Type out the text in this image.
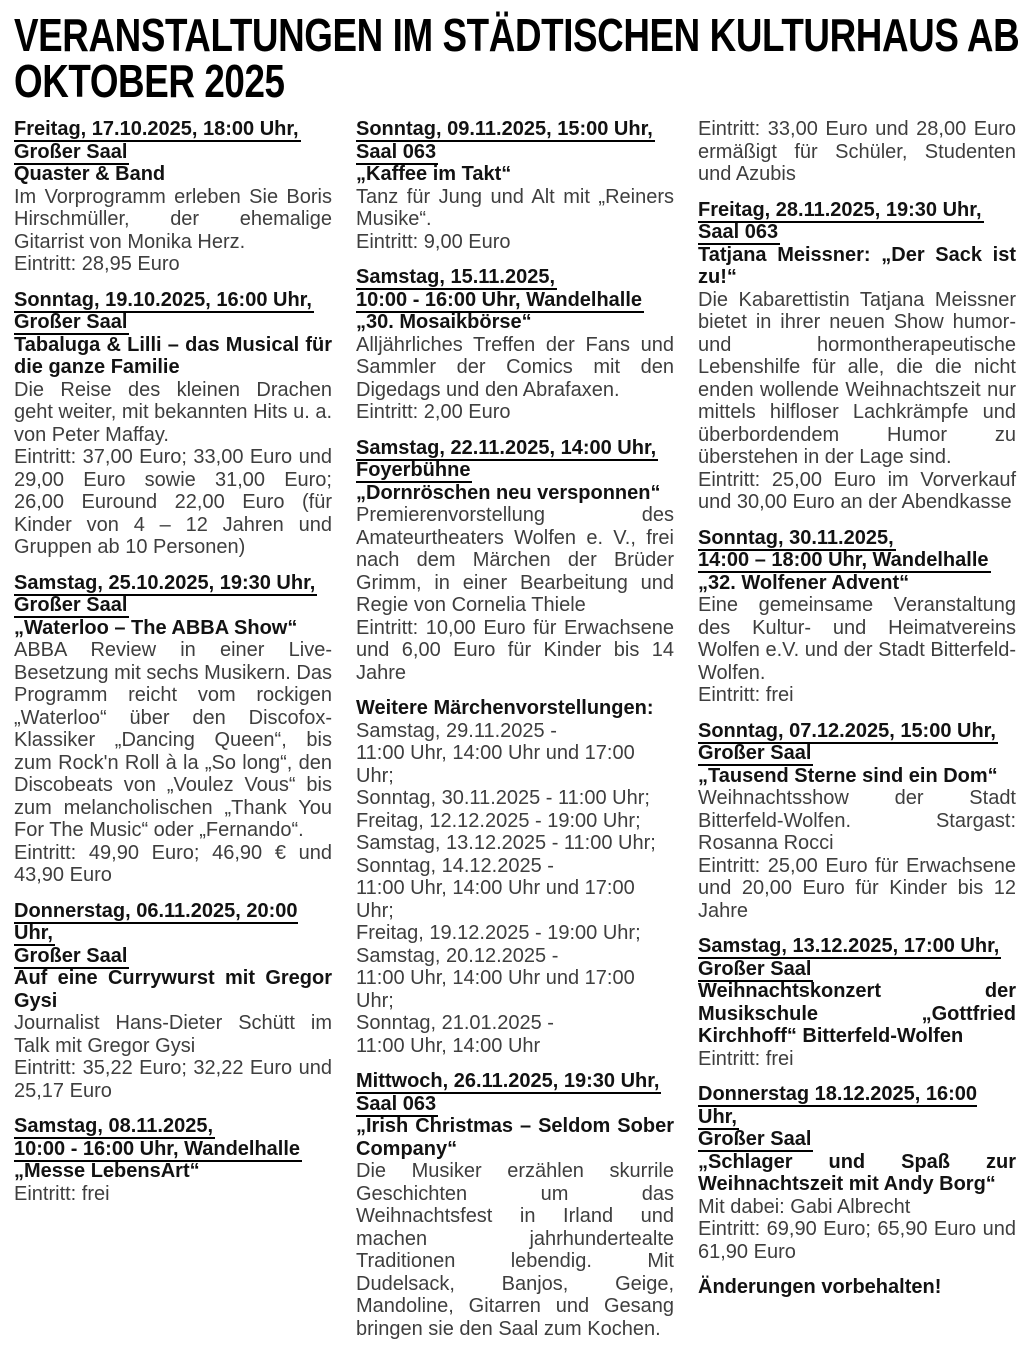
VERANSTALTUNGEN IM STÄDTISCHEN KULTURHAUS AB
OKTOBER 2025
Freitag, 17.10.2025, 18:00 Uhr,
Großer Saal
Quaster & Band
Im Vorprogramm erleben Sie Boris Hirschmüller, der ehemalige Gitarrist von Monika Herz.
Eintritt: 28,95 Euro
Sonntag, 19.10.2025, 16:00 Uhr,
Großer Saal
Tabaluga & Lilli – das Musical für die ganze Familie
Die Reise des kleinen Drachen geht weiter, mit bekannten Hits u. a. von Peter Maffay.
Eintritt: 37,00 Euro; 33,00 Euro und 29,00 Euro sowie 31,00 Euro; 26,00 Euround 22,00 Euro (für Kinder von 4 – 12 Jahren und Gruppen ab 10 Personen)
Samstag, 25.10.2025, 19:30 Uhr,
Großer Saal
„Waterloo – The ABBA Show“
ABBA Review in einer Live-Besetzung mit sechs Musikern. Das Programm reicht vom rockigen „Waterloo“ über den Discofox-Klassiker „Dancing Queen“, bis zum Rock'n Roll à la „So long“, den Discobeats von „Voulez Vous“ bis zum melancholischen „Thank You For The Music“ oder „Fernando“.
Eintritt: 49,90 Euro; 46,90 € und 43,90 Euro
Donnerstag, 06.11.2025, 20:00 Uhr,
Großer Saal
Auf eine Currywurst mit Gregor Gysi
Journalist Hans-Dieter Schütt im Talk mit Gregor Gysi
Eintritt: 35,22 Euro; 32,22 Euro und 25,17 Euro
Samstag, 08.11.2025,
10:00 - 16:00 Uhr, Wandelhalle
„Messe LebensArt“
Eintritt: frei
Sonntag, 09.11.2025, 15:00 Uhr,
Saal 063
„Kaffee im Takt“
Tanz für Jung und Alt mit „Reiners Musike“.
Eintritt: 9,00 Euro
Samstag, 15.11.2025,
10:00 - 16:00 Uhr, Wandelhalle
„30. Mosaikbörse“
Alljährliches Treffen der Fans und Sammler der Comics mit den Digedags und den Abrafaxen.
Eintritt: 2,00 Euro
Samstag, 22.11.2025, 14:00 Uhr,
Foyerbühne
„Dornröschen neu versponnen“
Premierenvorstellung des Amateurtheaters Wolfen e. V., frei nach dem Märchen der Brüder Grimm, in einer Bearbeitung und Regie von Cornelia Thiele
Eintritt: 10,00 Euro für Erwachsene und 6,00 Euro für Kinder bis 14 Jahre
Weitere Märchenvorstellungen:
Samstag, 29.11.2025 -
11:00 Uhr, 14:00 Uhr und 17:00 Uhr;
Sonntag, 30.11.2025 - 11:00 Uhr;
Freitag, 12.12.2025 - 19:00 Uhr;
Samstag, 13.12.2025 - 11:00 Uhr;
Sonntag, 14.12.2025 -
11:00 Uhr, 14:00 Uhr und 17:00 Uhr;
Freitag, 19.12.2025 - 19:00 Uhr;
Samstag, 20.12.2025 -
11:00 Uhr, 14:00 Uhr und 17:00 Uhr;
Sonntag, 21.01.2025 -
11:00 Uhr, 14:00 Uhr
Mittwoch, 26.11.2025, 19:30 Uhr,
Saal 063
„Irish Christmas – Seldom Sober Company“
Die Musiker erzählen skurrile Geschichten um das Weihnachtsfest in Irland und machen jahrhundertealte Traditionen lebendig. Mit Dudelsack, Banjos, Geige, Mandoline, Gitarren und Gesang bringen sie den Saal zum Kochen.
Eintritt: 33,00 Euro und 28,00 Euro ermäßigt für Schüler, Studenten und Azubis
Freitag, 28.11.2025, 19:30 Uhr,
Saal 063
Tatjana Meissner: „Der Sack ist zu!“
Die Kabarettistin Tatjana Meissner bietet in ihrer neuen Show humor- und hormontherapeutische Lebenshilfe für alle, die die nicht enden wollende Weihnachtszeit nur mittels hilfloser Lachkrämpfe und überbordendem Humor zu überstehen in der Lage sind.
Eintritt: 25,00 Euro im Vorverkauf und 30,00 Euro an der Abendkasse
Sonntag, 30.11.2025,
14:00 – 18:00 Uhr, Wandelhalle
„32. Wolfener Advent“
Eine gemeinsame Veranstaltung des Kultur- und Heimatvereins Wolfen e.V. und der Stadt Bitterfeld-Wolfen.
Eintritt: frei
Sonntag, 07.12.2025, 15:00 Uhr,
Großer Saal
„Tausend Sterne sind ein Dom“
Weihnachtsshow der Stadt Bitterfeld-Wolfen. Stargast: Rosanna Rocci
Eintritt: 25,00 Euro für Erwachsene und 20,00 Euro für Kinder bis 12 Jahre
Samstag, 13.12.2025, 17:00 Uhr,
Großer Saal
Weihnachtskonzert der Musikschule „Gottfried Kirchhoff“ Bitterfeld-Wolfen
Eintritt: frei
Donnerstag 18.12.2025, 16:00 Uhr,
Großer Saal
„Schlager und Spaß zur Weihnachtszeit mit Andy Borg“
Mit dabei: Gabi Albrecht
Eintritt: 69,90 Euro; 65,90 Euro und 61,90 Euro
Änderungen vorbehalten!
